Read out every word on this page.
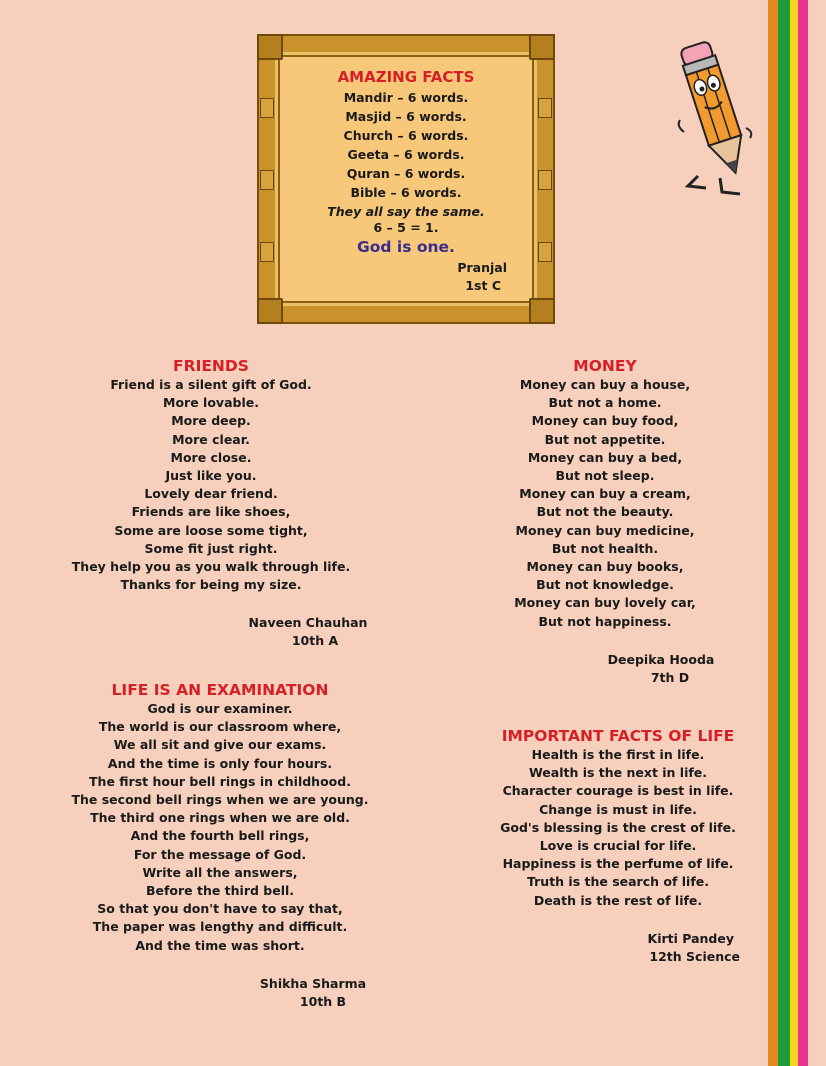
AMAZING FACTS
Mandir – 6 words.
Masjid – 6 words.
Church – 6 words.
Geeta – 6 words.
Quran – 6 words.
Bible – 6 words.
They all say the same.
6 – 5 = 1.
God is one.
Pranjal
1st C
FRIENDS
Friend is a silent gift of God.
More lovable.
More deep.
More clear.
More close.
Just like you.
Lovely dear friend.
Friends are like shoes,
Some are loose some tight,
Some fit just right.
They help you as you walk through life.
Thanks for being my size.
Naveen Chauhan
10th A
MONEY
Money can buy a house,
But not a home.
Money can buy food,
But not appetite.
Money can buy a bed,
But not sleep.
Money can buy a cream,
But not the beauty.
Money can buy medicine,
But not health.
Money can buy books,
But not knowledge.
Money can buy lovely car,
But not happiness.
Deepika Hooda
7th D
LIFE IS AN EXAMINATION
God is our examiner.
The world is our classroom where,
We all sit and give our exams.
And the time is only four hours.
The first hour bell rings in childhood.
The second bell rings when we are young.
The third one rings when we are old.
And the fourth bell rings,
For the message of God.
Write all the answers,
Before the third bell.
So that you don't have to say that,
The paper was lengthy and difficult.
And the time was short.
Shikha Sharma
10th B
IMPORTANT FACTS OF LIFE
Health is the first in life.
Wealth is the next in life.
Character courage is best in life.
Change is must in life.
God's blessing is the crest of life.
Love is crucial for life.
Happiness is the perfume of life.
Truth is the search of life.
Death is the rest of life.
Kirti Pandey
12th Science
